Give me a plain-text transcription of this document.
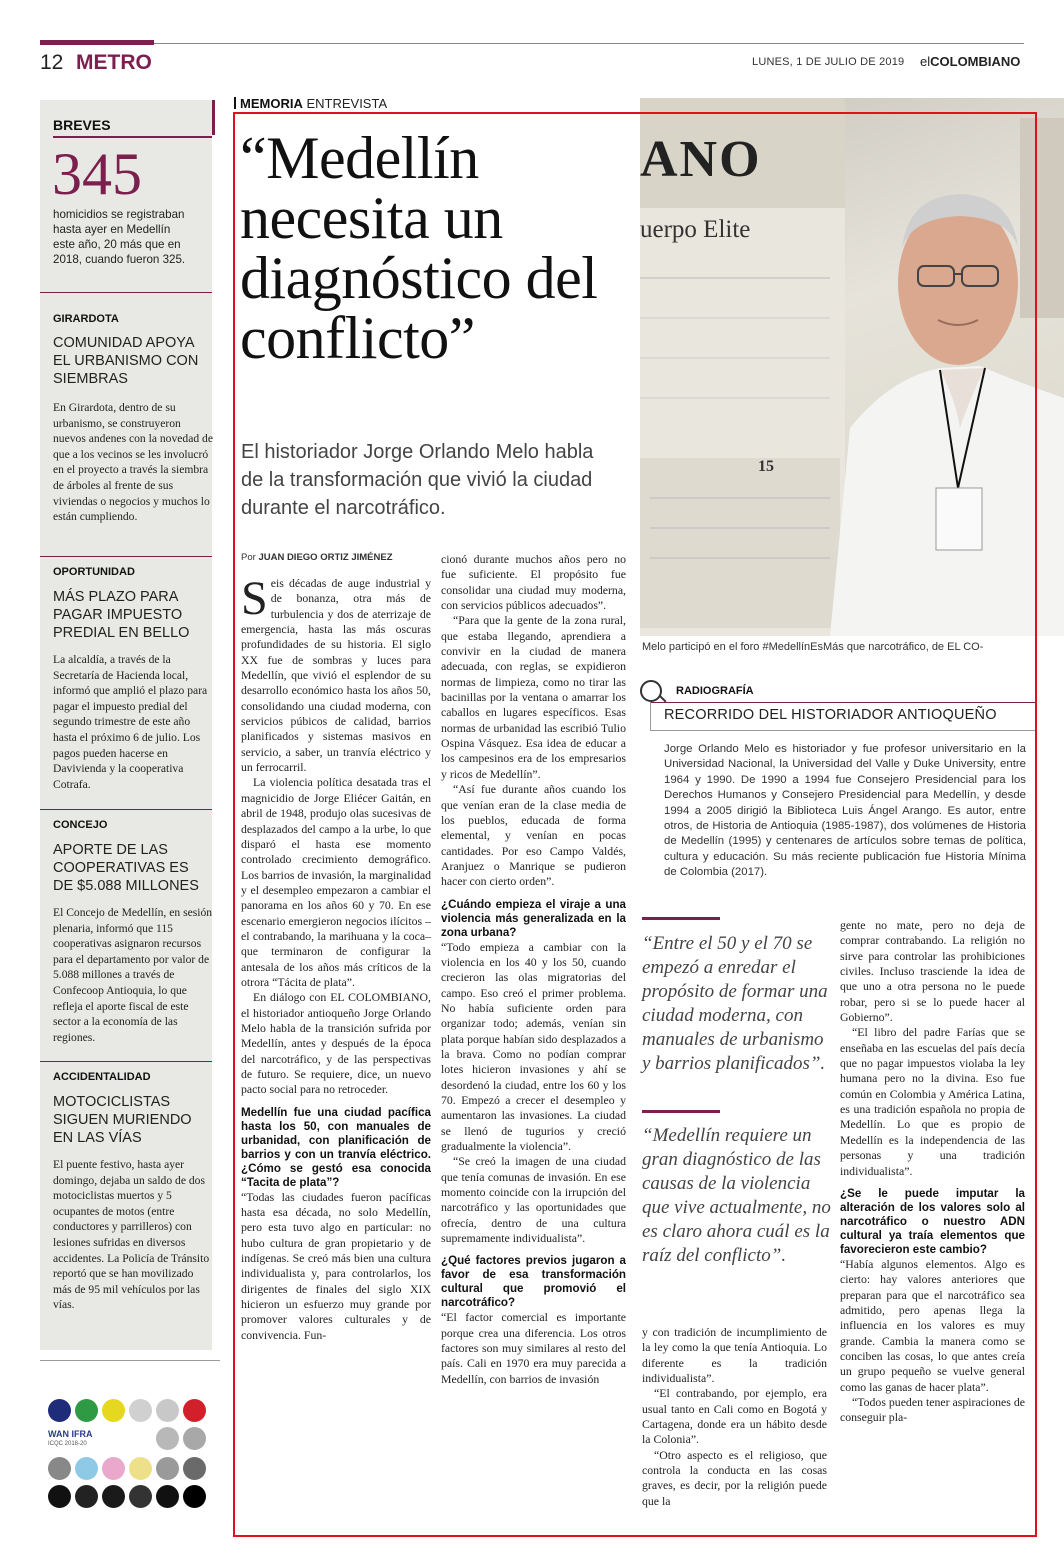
12 METRO	LUNES, 1 DE JULIO DE 2019 elCOLOMBIANO
BREVES
345
homicidios se registraban hasta ayer en Medellín este año, 20 más que en 2018, cuando fueron 325.
GIRARDOTA
COMUNIDAD APOYA EL URBANISMO CON SIEMBRAS
En Girardota, dentro de su urbanismo, se construyeron nuevos andenes con la novedad de que a los vecinos se les involucró en el proyecto a través la siembra de árboles al frente de sus viviendas o negocios y muchos lo están cumpliendo.
OPORTUNIDAD
MÁS PLAZO PARA PAGAR IMPUESTO PREDIAL EN BELLO
La alcaldía, a través de la Secretaría de Hacienda local, informó que amplió el plazo para pagar el impuesto predial del segundo trimestre de este año hasta el próximo 6 de julio. Los pagos pueden hacerse en Davivienda y la cooperativa Cotrafa.
CONCEJO
APORTE DE LAS COOPERATIVAS ES DE $5.088 MILLONES
El Concejo de Medellín, en sesión plenaria, informó que 115 cooperativas asignaron recursos para el departamento por valor de 5.088 millones a través de Confecoop Antioquia, lo que refleja el aporte fiscal de este sector a la economía de las regiones.
ACCIDENTALIDAD
MOTOCICLISTAS SIGUEN MURIENDO EN LAS VÍAS
El puente festivo, hasta ayer domingo, dejaba un saldo de dos motociclistas muertos y 5 ocupantes de motos (entre conductores y parrilleros) con lesiones sufridas en diversos accidentes. La Policía de Tránsito reportó que se han movilizado más de 95 mil vehículos por las vías.
WAN IFRA
ICQC 2018-20
MEMORIA ENTREVISTA
“Medellín necesita un diagnóstico del conflicto”
El historiador Jorge Orlando Melo habla de la transformación que vivió la ciudad durante el narcotráfico.
Por JUAN DIEGO ORTIZ JIMÉNEZ
ANO
uerpo Elite
15
Melo participó en el foro #MedellínEsMás que narcotráfico, de EL CO-
RADIOGRAFÍA
RECORRIDO DEL HISTORIADOR ANTIOQUEÑO
Jorge Orlando Melo es historiador y fue profesor universitario en la Universidad Nacional, la Universidad del Valle y Duke University, entre 1964 y 1990. De 1990 a 1994 fue Consejero Presidencial para los Derechos Humanos y Consejero Presidencial para Medellín, y desde 1994 a 2005 dirigió la Biblioteca Luis Ángel Arango. Es autor, entre otros, de Historia de Antioquia (1985-1987), dos volúmenes de Historia de Medellín (1995) y centenares de artículos sobre temas de política, cultura y educación. Su más reciente publicación fue Historia Mínima de Colombia (2017).
“Entre el 50 y el 70 se empezó a enredar el propósito de formar una ciudad moderna, con manuales de urbanismo y barrios planificados”.
“Medellín requiere un gran diagnóstico de las causas de la violencia que vive actualmente, no es claro ahora cuál es la raíz del conflicto”.

Seis décadas de auge industrial y de bonanza, otra más de turbulencia y dos de aterrizaje de emergencia, hasta las más oscuras profundidades de su historia. El siglo XX fue de sombras y luces para Medellín, que vivió el esplendor de su desarrollo económico hasta los años 50, consolidando una ciudad moderna, con servicios púbicos de calidad, barrios planificados y sistemas masivos en servicio, a saber, un tranvía eléctrico y un ferrocarril.

La violencia política desatada tras el magnicidio de Jorge Eliécer Gaitán, en abril de 1948, produjo olas sucesivas de desplazados del campo a la urbe, lo que disparó el hasta ese momento controlado crecimiento demográfico. Los barrios de invasión, la marginalidad y el desempleo empezaron a cambiar el panorama en los años 60 y 70. En ese escenario emergieron negocios ilícitos –el contrabando, la marihuana y la coca– que terminaron de configurar la antesala de los años más críticos de la otrora “Tácita de plata”.

En diálogo con EL COLOMBIANO, el historiador antioqueño Jorge Orlando Melo habla de la transición sufrida por Medellín, antes y después de la época del narcotráfico, y de las perspectivas de futuro. Se requiere, dice, un nuevo pacto social para no retroceder.

Medellín fue una ciudad pacífica hasta los 50, con manuales de urbanidad, con planificación de barrios y con un tranvía eléctrico. ¿Cómo se gestó esa conocida “Tacita de plata”?

“Todas las ciudades fueron pacíficas hasta esa década, no solo Medellín, pero esta tuvo algo en particular: no hubo cultura de gran propietario y de indígenas. Se creó más bien una cultura individualista y, para controlarlos, los dirigentes de finales del siglo XIX hicieron un esfuerzo muy grande por promover valores culturales y de convivencia. Fun-

cionó durante muchos años pero no fue suficiente. El propósito fue consolidar una ciudad muy moderna, con servicios públicos adecuados”.

“Para que la gente de la zona rural, que estaba llegando, aprendiera a convivir en la ciudad de manera adecuada, con reglas, se expidieron normas de limpieza, como no tirar las bacinillas por la ventana o amarrar los caballos en lugares específicos. Esas normas de urbanidad las escribió Tulio Ospina Vásquez. Esa idea de educar a los campesinos era de los empresarios y ricos de Medellín”.

“Así fue durante años cuando los que venían eran de la clase media de los pueblos, educada de forma elemental, y venían en pocas cantidades. Por eso Campo Valdés, Aranjuez o Manrique se pudieron hacer con cierto orden”.

¿Cuándo empieza el viraje a una violencia más generalizada en la zona urbana?

“Todo empieza a cambiar con la violencia en los 40 y los 50, cuando crecieron las olas migratorias del campo. Eso creó el primer problema. No había suficiente orden para organizar todo; además, venían sin plata porque habían sido desplazados a la brava. Como no podían comprar lotes hicieron invasiones y ahí se desordenó la ciudad, entre los 60 y los 70. Empezó a crecer el desempleo y aumentaron las invasiones. La ciudad se llenó de tugurios y creció gradualmente la violencia”.

“Se creó la imagen de una ciudad que tenía comunas de invasión. En ese momento coincide con la irrupción del narcotráfico y las oportunidades que ofrecía, dentro de una cultura supremamente individualista”.

¿Qué factores previos jugaron a favor de esa transformación cultural que promovió el narcotráfico?

“El factor comercial es importante porque crea una diferencia. Los otros factores son muy similares al resto del país. Cali en 1970 era muy parecida a Medellín, con barrios de invasión

y con tradición de incumplimiento de la ley como la que tenía Antioquia. Lo diferente es la tradición individualista”.

“El contrabando, por ejemplo, era usual tanto en Cali como en Bogotá y Cartagena, donde era un hábito desde la Colonia”.

“Otro aspecto es el religioso, que controla la conducta en las cosas graves, es decir, por la religión puede que la

gente no mate, pero no deja de comprar contrabando. La religión no sirve para controlar las prohibiciones civiles. Incluso trasciende la idea de que uno a otra persona no le puede robar, pero si se lo puede hacer al Gobierno”.

“El libro del padre Farías que se enseñaba en las escuelas del país decía que no pagar impuestos violaba la ley humana pero no la divina. Eso fue común en Colombia y América Latina, es una tradición española no propia de Medellín. Lo que es propio de Medellín es la independencia de las personas y una tradición individualista”.

¿Se le puede imputar la alteración de los valores solo al narcotráfico o nuestro ADN cultural ya traía elementos que favorecieron este cambio?

“Había algunos elementos. Algo es cierto: hay valores anteriores que preparan para que el narcotráfico sea admitido, pero apenas llega la influencia en los valores es muy grande. Cambia la manera como se conciben las cosas, lo que antes creía un grupo pequeño se vuelve general como las ganas de hacer plata”.

“Todos pueden tener aspiraciones de conseguir pla-
